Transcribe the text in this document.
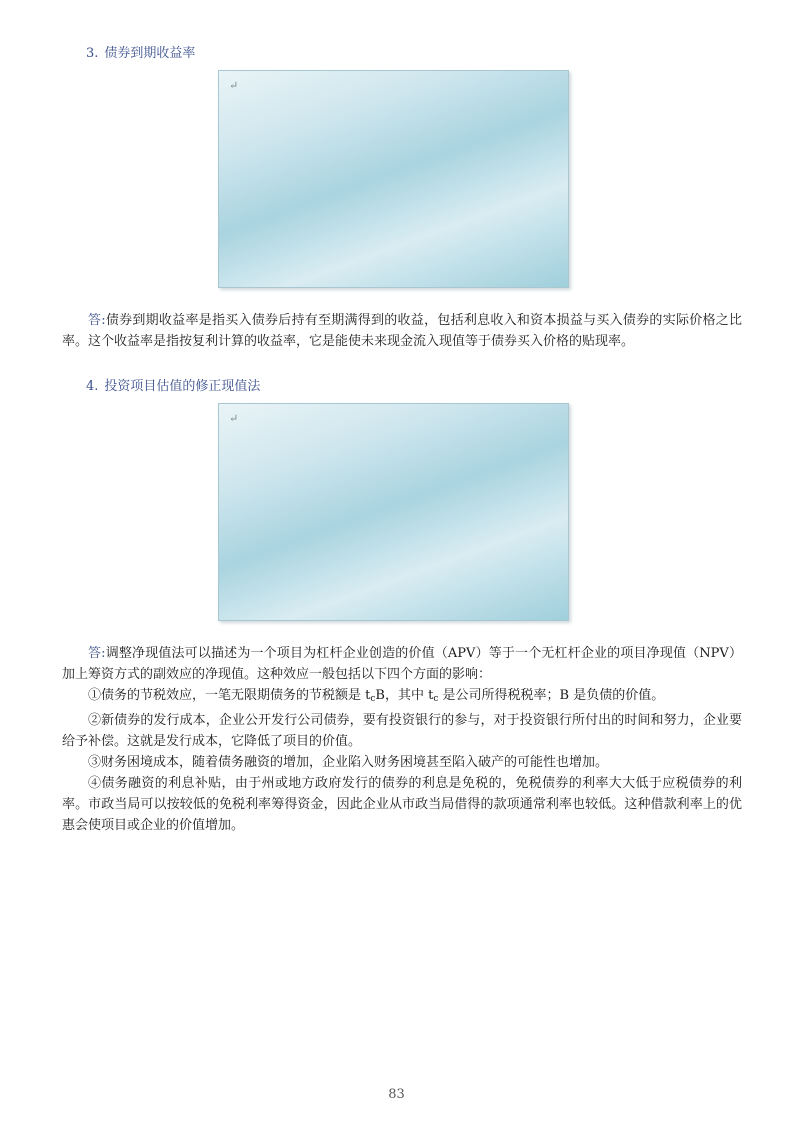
3. 债券到期收益率
↵

答:债券到期收益率是指买入债券后持有至期满得到的收益，包括利息收入和资本损益与买入债券的实际价格之比率。这个收益率是指按复利计算的收益率，它是能使未来现金流入现值等于债券买入价格的贴现率。

4. 投资项目估值的修正现值法
↵

答:调整净现值法可以描述为一个项目为杠杆企业创造的价值（APV）等于一个无杠杆企业的项目净现值（NPV）加上筹资方式的副效应的净现值。这种效应一般包括以下四个方面的影响：

①债务的节税效应，一笔无限期债务的节税额是 $t_cB$，其中 $t_c$ 是公司所得税税率；B 是负债的价值。

②新债券的发行成本，企业公开发行公司债券，要有投资银行的参与，对于投资银行所付出的时间和努力，企业要给予补偿。这就是发行成本，它降低了项目的价值。

③财务困境成本，随着债务融资的增加，企业陷入财务困境甚至陷入破产的可能性也增加。

④债务融资的利息补贴，由于州或地方政府发行的债券的利息是免税的，免税债券的利率大大低于应税债券的利率。市政当局可以按较低的免税利率筹得资金，因此企业从市政当局借得的款项通常利率也较低。这种借款利率上的优惠会使项目或企业的价值增加。

83
